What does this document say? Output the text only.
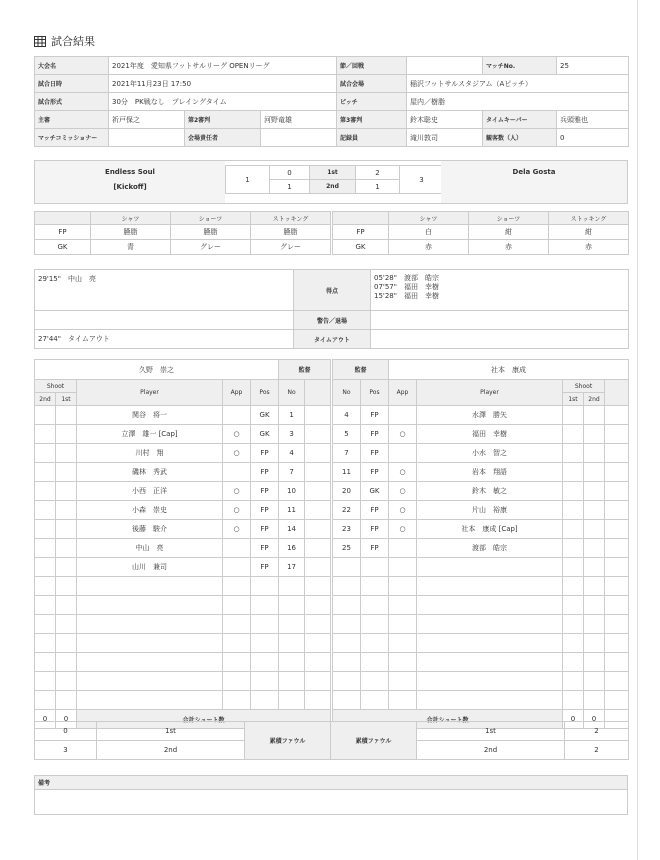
試合結果
大会名	2021年度　愛知県フットサルリーグ OPENリーグ			節／回戦		マッチNo.	25
試合日時	2021年11月23日 17:50			試合会場	稲沢フットサルスタジアム（Aピッチ）		
試合形式	30分　PK戦なし　プレイングタイム			ピッチ	屋内／樹脂		
主審	祈戸保之	第2審判	河野竜雄	第3審判	鈴木聡史	タイムキーパー	兵頭雅也
マッチコミッショナー		会場責任者		記録員	滝川敦司	観客数（人）	0
Endless Soul
[Kickoff]
1	0	1st	2	3
	1	2nd	1	
Dela Gosta
	シャツ	ショーツ	ストッキング
FP	臙脂	臙脂	臙脂
GK	青	グレー	グレー
	シャツ	ショーツ	ストッキング
FP	白	紺	紺
GK	赤	赤	赤
29'15"　中山　亮	得点	05'28"　渡部　皓宗
07'57"　福田　幸樹
15'28"　福田　幸樹

	警告／退場	
27'44"　タイムアウト	タイムアウト	
久野　崇之					監督	
Shoot		Player	App	Pos	No	
2nd	1st					
		関谷　将一		GK	1	
		立澤　雄一 [Cap]	○	GK	3	
		川村　翔	○	FP	4	
		磯林　秀武		FP	7	
		小西　正洋	○	FP	10	
		小森　崇史	○	FP	11	
		後藤　駿介	○	FP	14	
		中山　亮		FP	16	
		山川　兼司		FP	17	

0	0	合計シュート数				
監督		社本　康成				
No	Pos	App	Player	Shoot		
				1st	2nd	
4	FP		水澤　勝矢			
5	FP	○	福田　幸樹			
7	FP		小水　智之			
11	FP	○	岩本　翔語			
20	GK	○	鈴木　敏之			
22	FP	○	片山　裕康			
23	FP	○	社本　康成 [Cap]			
25	FP		渡部　皓宗			

合計シュート数				0	0	
0	1st	累積ファウル	累積ファウル	1st	2
3	2nd			2nd	2
備考
